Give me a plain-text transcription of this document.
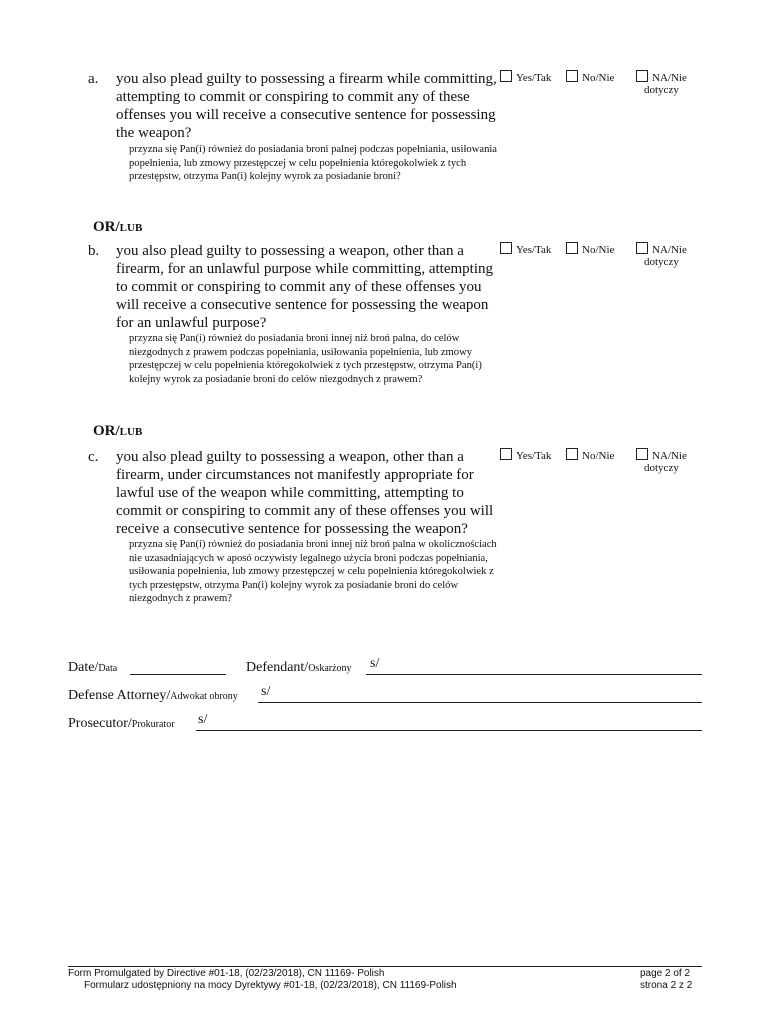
a. you also plead guilty to possessing a firearm while committing, attempting to commit or conspiring to commit any of these offenses you will receive a consecutive sentence for possessing the weapon?
przyzna się Pan(i) również do posiadania broni palnej podczas popełniania, usiłowania popełnienia, lub zmowy przestępczej w celu popełnienia któregokolwiek z tych przestępstw, otrzyma Pan(i) kolejny wyrok za posiadanie broni?
Yes/Tak	No/Nie	NA/Nie
dotyczy
OR/LUB
b. you also plead guilty to possessing a weapon, other than a firearm, for an unlawful purpose while committing, attempting to commit or conspiring to commit any of these offenses you will receive a consecutive sentence for possessing the weapon for an unlawful purpose?
przyzna się Pan(i) również do posiadania broni innej niż broń palna, do celów niezgodnych z prawem podczas popełniania, usiłowania popełnienia, lub zmowy przestępczej w celu popełnienia któregokolwiek z tych przestępstw, otrzyma Pan(i) kolejny wyrok za posiadanie broni do celów niezgodnych z prawem?
Yes/Tak	No/Nie	NA/Nie
dotyczy
OR/LUB
c. you also plead guilty to possessing a weapon, other than a firearm, under circumstances not manifestly appropriate for lawful use of the weapon while committing, attempting to commit or conspiring to commit any of these offenses you will receive a consecutive sentence for possessing the weapon?
przyzna się Pan(i) również do posiadania broni innej niż broń palna w okolicznościach nie uzasadniających w aposó oczywisty legalnego użycia broni podczas popełniania, usiłowania popełnienia, lub zmowy przestępczej w celu popełnienia któregokolwiek z tych przestępstw, otrzyma Pan(i) kolejny wyrok za posiadanie broni do celów niezgodnych z prawem?
Yes/Tak	No/Nie	NA/Nie
dotyczy
Date/Data	Defendant/Oskarżony s/
Defense Attorney/Adwokat obrony s/
Prosecutor/Prokurator s/
Form Promulgated by Directive #01-18, (02/23/2018), CN 11169- Polish
Formularz udostępniony na mocy Dyrektywy #01-18, (02/23/2018), CN 11169-Polish
page 2 of 2
strona 2 z 2
